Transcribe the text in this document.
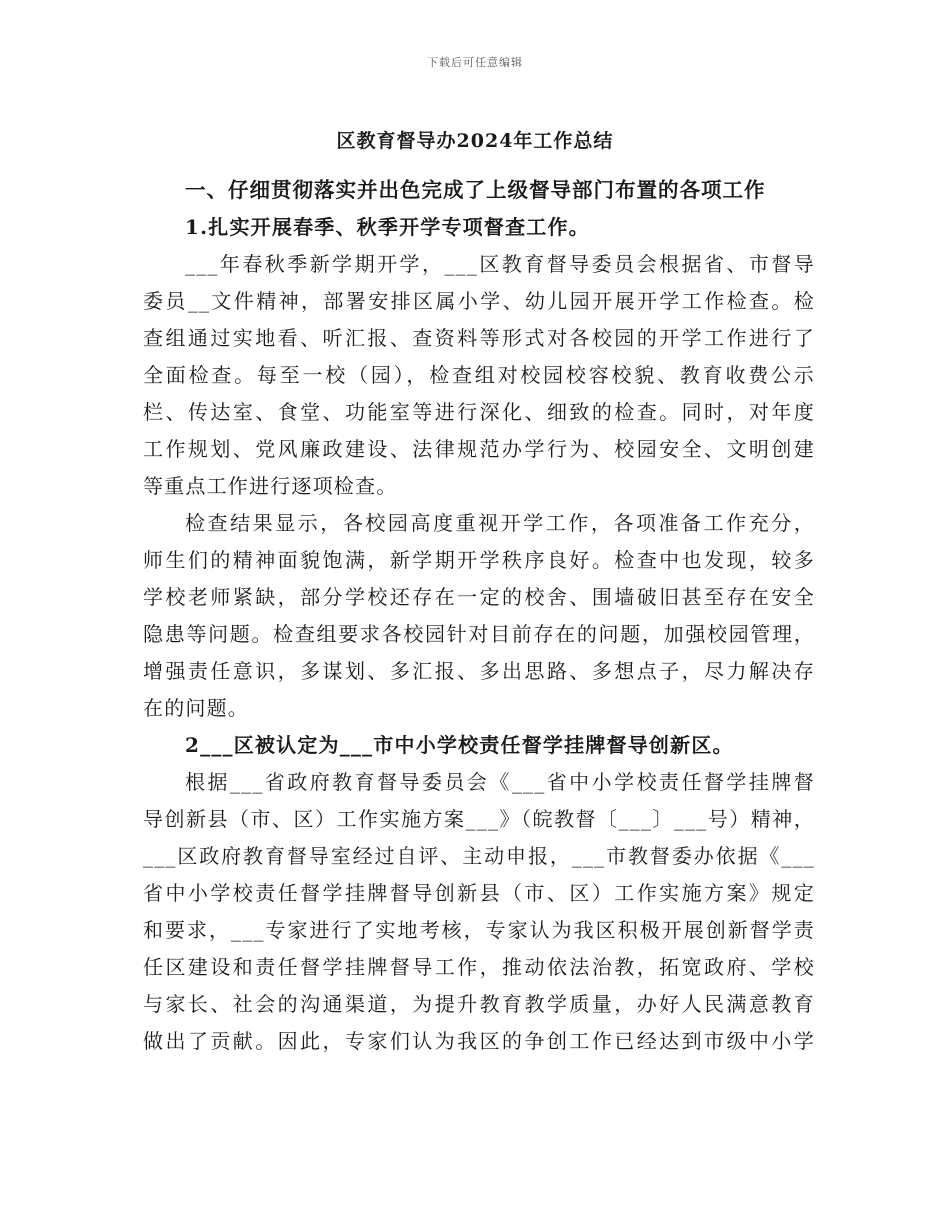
下载后可任意编辑
区教育督导办2024年工作总结
一、仔细贯彻落实并出色完成了上级督导部门布置的各项工作
1.扎实开展春季、秋季开学专项督查工作。
___年春秋季新学期开学，___区教育督导委员会根据省、市督导
委员__文件精神，部署安排区属小学、幼儿园开展开学工作检查。检
查组通过实地看、听汇报、查资料等形式对各校园的开学工作进行了
全面检查。每至一校（园），检查组对校园校容校貌、教育收费公示
栏、传达室、食堂、功能室等进行深化、细致的检查。同时，对年度
工作规划、党风廉政建设、法律规范办学行为、校园安全、文明创建
等重点工作进行逐项检查。
检查结果显示，各校园高度重视开学工作，各项准备工作充分，
师生们的精神面貌饱满，新学期开学秩序良好。检查中也发现，较多
学校老师紧缺，部分学校还存在一定的校舍、围墙破旧甚至存在安全
隐患等问题。检查组要求各校园针对目前存在的问题，加强校园管理，
增强责任意识，多谋划、多汇报、多出思路、多想点子，尽力解决存
在的问题。
2___区被认定为___市中小学校责任督学挂牌督导创新区。
根据___省政府教育督导委员会《___省中小学校责任督学挂牌督
导创新县（市、区）工作实施方案___》（皖教督〔___〕___号）精神，
___区政府教育督导室经过自评、主动申报，___市教督委办依据《___
省中小学校责任督学挂牌督导创新县（市、区）工作实施方案》规定
和要求，___专家进行了实地考核，专家认为我区积极开展创新督学责
任区建设和责任督学挂牌督导工作，推动依法治教，拓宽政府、学校
与家长、社会的沟通渠道，为提升教育教学质量，办好人民满意教育
做出了贡献。因此，专家们认为我区的争创工作已经达到市级中小学
